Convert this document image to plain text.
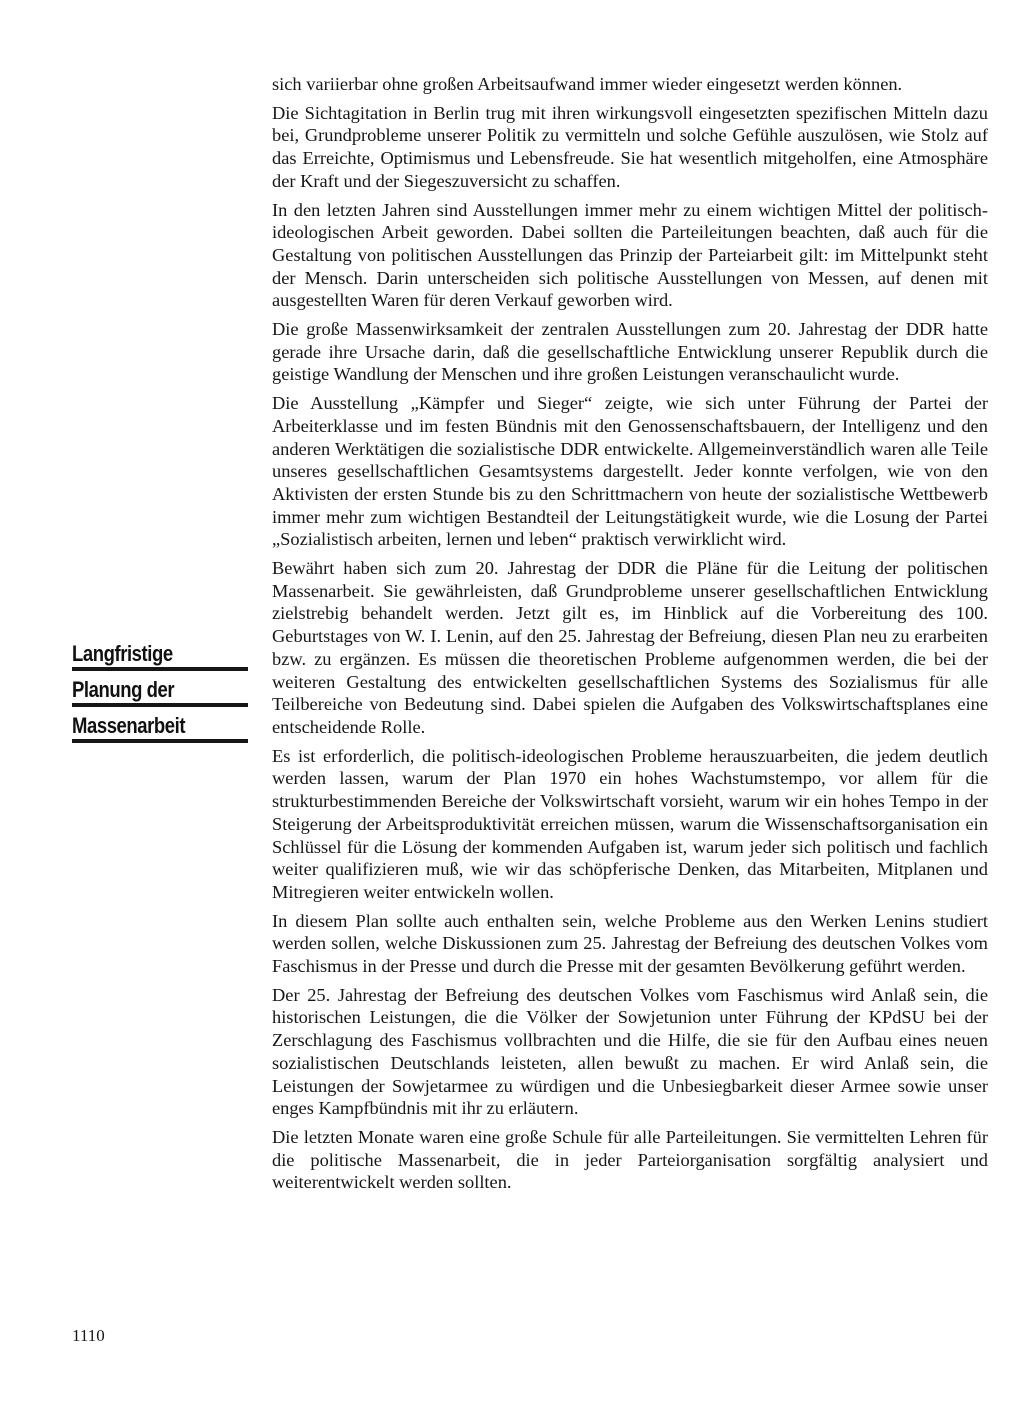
Langfristige
Planung der
Massenarbeit

sich variierbar ohne großen Arbeitsaufwand immer wieder eingesetzt werden können.

Die Sichtagitation in Berlin trug mit ihren wirkungsvoll eingesetzten spezifischen Mitteln dazu bei, Grundprobleme unserer Politik zu vermitteln und solche Gefühle auszulösen, wie Stolz auf das Erreichte, Optimismus und Lebensfreude. Sie hat wesentlich mitgeholfen, eine Atmosphäre der Kraft und der Siegeszuversicht zu schaffen.

In den letzten Jahren sind Ausstellungen immer mehr zu einem wichtigen Mittel der politisch-ideologischen Arbeit geworden. Dabei sollten die Parteileitungen beachten, daß auch für die Gestaltung von politischen Ausstellungen das Prinzip der Parteiarbeit gilt: im Mittelpunkt steht der Mensch. Darin unterscheiden sich politische Ausstellungen von Messen, auf denen mit ausgestellten Waren für deren Verkauf geworben wird.

Die große Massenwirksamkeit der zentralen Ausstellungen zum 20. Jahrestag der DDR hatte gerade ihre Ursache darin, daß die gesellschaftliche Entwicklung unserer Republik durch die geistige Wandlung der Menschen und ihre großen Leistungen veranschaulicht wurde.

Die Ausstellung „Kämpfer und Sieger“ zeigte, wie sich unter Führung der Partei der Arbeiterklasse und im festen Bündnis mit den Genossenschaftsbauern, der Intelligenz und den anderen Werktätigen die sozialistische DDR entwickelte. Allgemeinverständlich waren alle Teile unseres gesellschaftlichen Gesamtsystems dargestellt. Jeder konnte verfolgen, wie von den Aktivisten der ersten Stunde bis zu den Schrittmachern von heute der sozialistische Wettbewerb immer mehr zum wichtigen Bestandteil der Leitungstätigkeit wurde, wie die Losung der Partei „Sozialistisch arbeiten, lernen und leben“ praktisch verwirklicht wird.

Bewährt haben sich zum 20. Jahrestag der DDR die Pläne für die Leitung der politischen Massenarbeit. Sie gewährleisten, daß Grundprobleme unserer gesellschaftlichen Entwicklung zielstrebig behandelt werden. Jetzt gilt es, im Hinblick auf die Vorbereitung des 100. Geburtstages von W. I. Lenin, auf den 25. Jahrestag der Befreiung, diesen Plan neu zu erarbeiten bzw. zu ergänzen. Es müssen die theoretischen Probleme aufgenommen werden, die bei der weiteren Gestaltung des entwickelten gesellschaftlichen Systems des Sozialismus für alle Teilbereiche von Bedeutung sind. Dabei spielen die Aufgaben des Volkswirtschaftsplanes eine entscheidende Rolle.

Es ist erforderlich, die politisch-ideologischen Probleme herauszuarbeiten, die jedem deutlich werden lassen, warum der Plan 1970 ein hohes Wachstumstempo, vor allem für die strukturbestimmenden Bereiche der Volkswirtschaft vorsieht, warum wir ein hohes Tempo in der Steigerung der Arbeitsproduktivität erreichen müssen, warum die Wissenschaftsorganisation ein Schlüssel für die Lösung der kommenden Aufgaben ist, warum jeder sich politisch und fachlich weiter qualifizieren muß, wie wir das schöpferische Denken, das Mitarbeiten, Mitplanen und Mitregieren weiter entwickeln wollen.

In diesem Plan sollte auch enthalten sein, welche Probleme aus den Werken Lenins studiert werden sollen, welche Diskussionen zum 25. Jahrestag der Befreiung des deutschen Volkes vom Faschismus in der Presse und durch die Presse mit der gesamten Bevölkerung geführt werden.

Der 25. Jahrestag der Befreiung des deutschen Volkes vom Faschismus wird Anlaß sein, die historischen Leistungen, die die Völker der Sowjetunion unter Führung der KPdSU bei der Zerschlagung des Faschismus vollbrachten und die Hilfe, die sie für den Aufbau eines neuen sozialistischen Deutschlands leisteten, allen bewußt zu machen. Er wird Anlaß sein, die Leistungen der Sowjetarmee zu würdigen und die Unbesiegbarkeit dieser Armee sowie unser enges Kampfbündnis mit ihr zu erläutern.

Die letzten Monate waren eine große Schule für alle Parteileitungen. Sie vermittelten Lehren für die politische Massenarbeit, die in jeder Parteiorganisation sorgfältig analysiert und weiterentwickelt werden sollten.

1110
